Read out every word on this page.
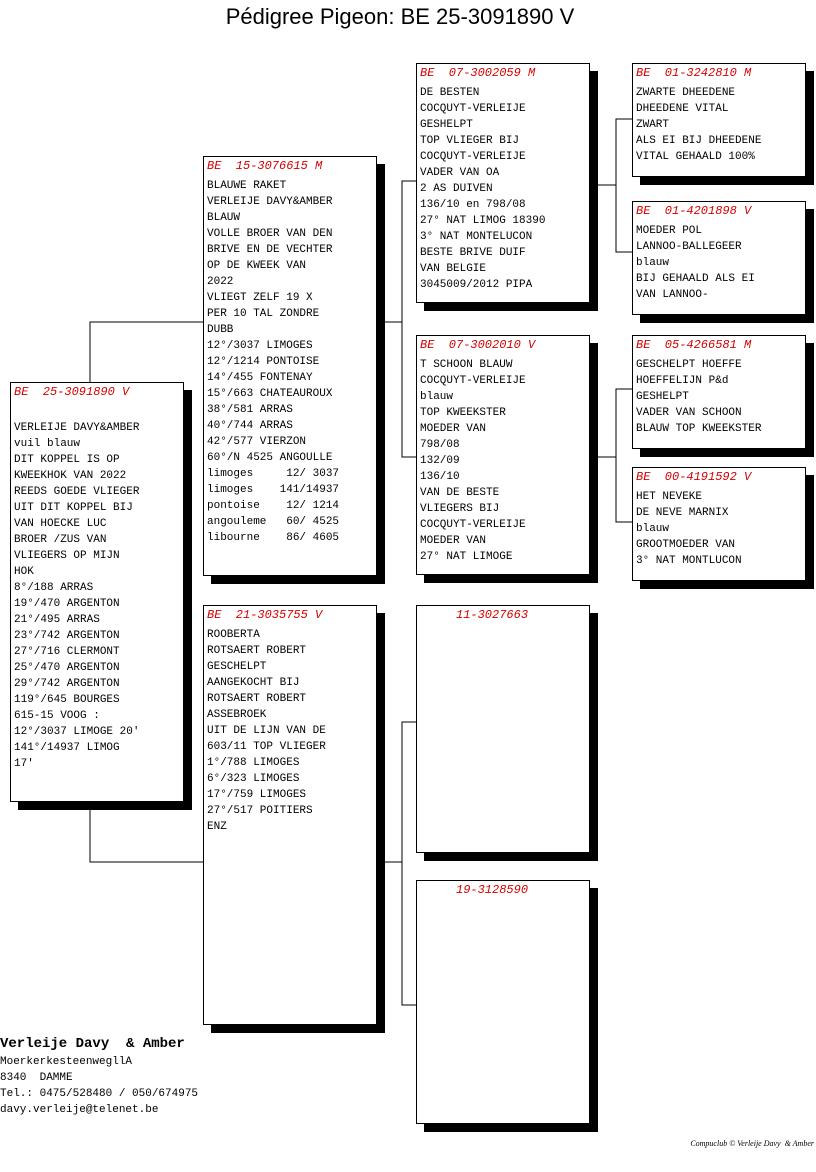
Pédigree Pigeon: BE 25-3091890 V
BE  25-3091890 V
VERLEIJE DAVY&AMBER
vuil blauw
DIT KOPPEL IS OP
KWEEKHOK VAN 2022
REEDS GOEDE VLIEGER
UIT DIT KOPPEL BIJ
VAN HOECKE LUC
BROER /ZUS VAN
VLIEGERS OP MIJN
HOK
8°/188 ARRAS
19°/470 ARGENTON
21°/495 ARRAS
23°/742 ARGENTON
27°/716 CLERMONT
25°/470 ARGENTON
29°/742 ARGENTON
119°/645 BOURGES
615-15 VOOG :
12°/3037 LIMOGE 20'
141°/14937 LIMOG
17'
BE  15-3076615 M
BLAUWE RAKET
VERLEIJE DAVY&AMBER
BLAUW
VOLLE BROER VAN DEN
BRIVE EN DE VECHTER
OP DE KWEEK VAN
2022
VLIEGT ZELF 19 X
PER 10 TAL ZONDRE
DUBB
12°/3037 LIMOGES
12°/1214 PONTOISE
14°/455 FONTENAY
15°/663 CHATEAUROUX
38°/581 ARRAS
40°/744 ARRAS
42°/577 VIERZON
60°/N 4525 ANGOULLE
limoges     12/ 3037
limoges    141/14937
pontoise    12/ 1214
angouleme   60/ 4525
libourne    86/ 4605
BE  21-3035755 V
ROOBERTA
ROTSAERT ROBERT
GESCHELPT
AANGEKOCHT BIJ
ROTSAERT ROBERT
ASSEBROEK
UIT DE LIJN VAN DE
603/11 TOP VLIEGER
1°/788 LIMOGES
6°/323 LIMOGES
17°/759 LIMOGES
27°/517 POITIERS
ENZ
BE  07-3002059 M
DE BESTEN
COCQUYT-VERLEIJE
GESHELPT
TOP VLIEGER BIJ
COCQUYT-VERLEIJE
VADER VAN OA
2 AS DUIVEN
136/10 en 798/08
27° NAT LIMOG 18390
3° NAT MONTELUCON
BESTE BRIVE DUIF
VAN BELGIE
3045009/2012 PIPA
BE  07-3002010 V
T SCHOON BLAUW
COCQUYT-VERLEIJE
blauw
TOP KWEEKSTER
MOEDER VAN
798/08
132/09
136/10
VAN DE BESTE
VLIEGERS BIJ
COCQUYT-VERLEIJE
MOEDER VAN
27° NAT LIMOGE
11-3027663
19-3128590
BE  01-3242810 M
ZWARTE DHEEDENE
DHEEDENE VITAL
ZWART
ALS EI BIJ DHEEDENE
VITAL GEHAALD 100%
BE  01-4201898 V
MOEDER POL
LANNOO-BALLEGEER
blauw
BIJ GEHAALD ALS EI
VAN LANNOO-
BE  05-4266581 M
GESCHELPT HOEFFE
HOEFFELIJN P&d
GESHELPT
VADER VAN SCHOON
BLAUW TOP KWEEKSTER
BE  00-4191592 V
HET NEVEKE
DE NEVE MARNIX
blauw
GROOTMOEDER VAN
3° NAT MONTLUCON
Verleije Davy  & Amber
MoerkerkesteenwegllA
8340  DAMME
Tel.: 0475/528480 / 050/674975
davy.verleije@telenet.be
Compuclub © Verleije Davy  & Amber
